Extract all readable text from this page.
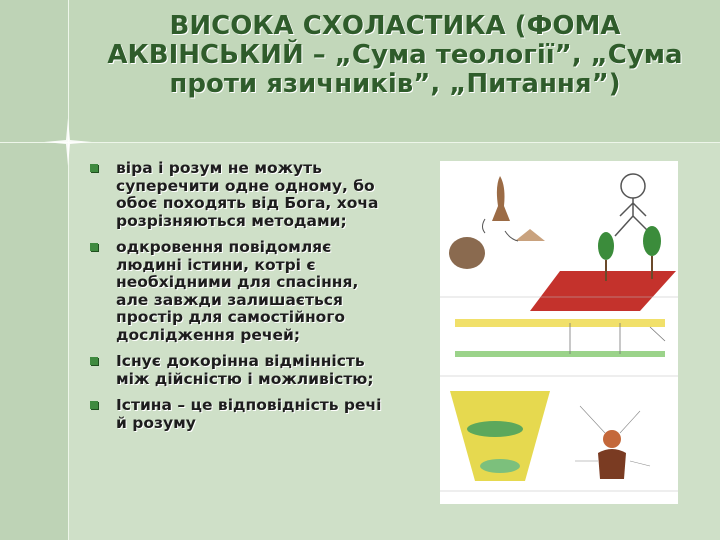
ВИСОКА СХОЛАСТИКА (ФОМА АКВІНСЬКИЙ – „Сума теології”, „Сума проти язичників”, „Питання”)
віра і розум не можуть суперечити одне одному, бо обоє походять від Бога, хоча розрізняються методами;
одкровення повідомляє людині істини, котрі є необхідними для спасіння, але завжди залишається простір для самостійного дослідження речей;
Існує докорінна відмінність між дійсністю і можливістю;
Істина – це відповідність речі й розуму
